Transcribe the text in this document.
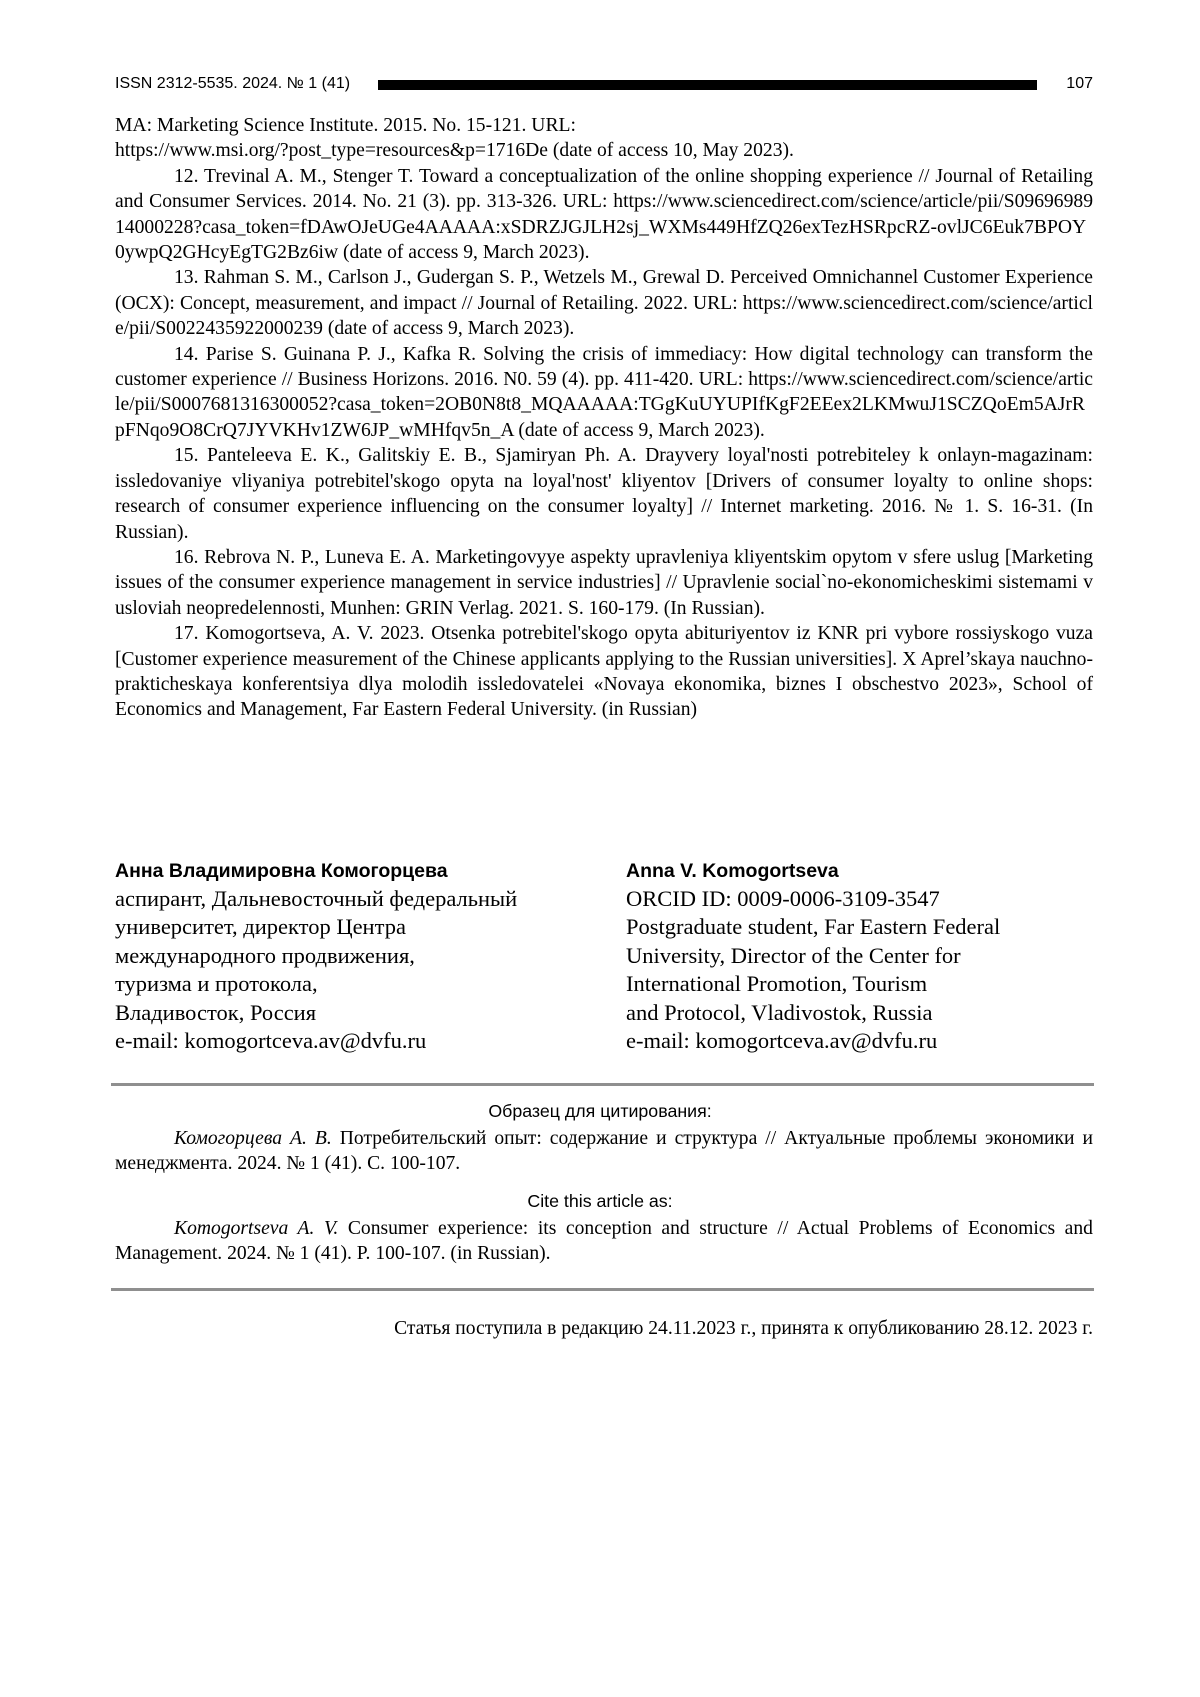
ISSN 2312-5535. 2024. № 1 (41)	107

MA: Marketing Science Institute. 2015. No. 15-121. URL:
https://www.msi.org/?post_type=resources&p=1716De (date of access 10, May 2023).

12. Trevinal A. M., Stenger T. Toward a conceptualization of the online shopping experience // Journal of Retailing and Consumer Services. 2014. No. 21 (3). pp. 313-326. URL: https://www.sciencedirect.com/science/article/pii/S0969698914000228?casa_token=fDAwOJeUGe4AAAAA:xSDRZJGJLH2sj_WXMs449HfZQ26exTezHSRpcRZ-ovlJC6Euk7BPOY0ywpQ2GHcyEgTG2Bz6iw (date of access 9, March 2023).

13. Rahman S. M., Carlson J., Gudergan S. P., Wetzels M., Grewal D. Perceived Omnichannel Customer Experience (OCX): Concept, measurement, and impact // Journal of Retailing. 2022. URL: https://www.sciencedirect.com/science/article/pii/S0022435922000239 (date of access 9, March 2023).

14. Parise S. Guinana P. J., Kafka R. Solving the crisis of immediacy: How digital technology can transform the customer experience // Business Horizons. 2016. N0. 59 (4). pp. 411-420. URL: https://www.sciencedirect.com/science/article/pii/S0007681316300052?casa_token=2OB0N8t8_MQAAAAA:TGgKuUYUPIfKgF2EEex2LKMwuJ1SCZQoEm5AJrRpFNqo9O8CrQ7JYVKHv1ZW6JP_wMHfqv5n_A (date of access 9, March 2023).

15. Panteleeva E. K., Galitskiy E. B., Sjamiryan Ph. A. Drayvery loyal'nosti potrebiteley k onlayn-magazinam: issledovaniye vliyaniya potrebitel'skogo opyta na loyal'nost' kliyentov [Drivers of consumer loyalty to online shops: research of consumer experience influencing on the consumer loyalty] // Internet marketing. 2016. № 1. S. 16-31. (In Russian).

16. Rebrova N. P., Luneva E. A. Marketingovyye aspekty upravleniya kliyentskim opytom v sfere uslug [Marketing issues of the consumer experience management in service industries] // Upravlenie social`no-ekonomicheskimi sistemami v usloviah neopredelennosti, Munhen: GRIN Verlag. 2021. S. 160-179. (In Russian).

17. Komogortseva, A. V. 2023. Otsenka potrebitel'skogo opyta abituriyentov iz KNR pri vybore rossiyskogo vuza [Customer experience measurement of the Chinese applicants applying to the Russian universities]. X Aprel’skaya nauchno-prakticheskaya konferentsiya dlya molodih issledovatelei «Novaya ekonomika, biznes I obschestvo 2023», School of Economics and Management, Far Eastern Federal University. (in Russian)

Анна Владимировна Комогорцева
аспирант, Дальневосточный федеральный
университет, директор Центра
международного продвижения,
туризма и протокола,
Владивосток, Россия
e-mail: komogortceva.av@dvfu.ru
Anna V. Komogortseva
ORCID ID: 0009-0006-3109-3547
Postgraduate student, Far Eastern Federal
University, Director of the Center for
International Promotion, Tourism
and Protocol, Vladivostok, Russia
e-mail: komogortceva.av@dvfu.ru
Образец для цитирования:

Комогорцева А. В. Потребительский опыт: содержание и структура // Актуальные проблемы экономики и менеджмента. 2024. № 1 (41). С. 100-107.

Cite this article as:

Komogortseva A. V. Consumer experience: its conception and structure // Actual Problems of Economics and Management. 2024. № 1 (41). P. 100-107. (in Russian).

Статья поступила в редакцию 24.11.2023 г., принята к опубликованию 28.12. 2023 г.
